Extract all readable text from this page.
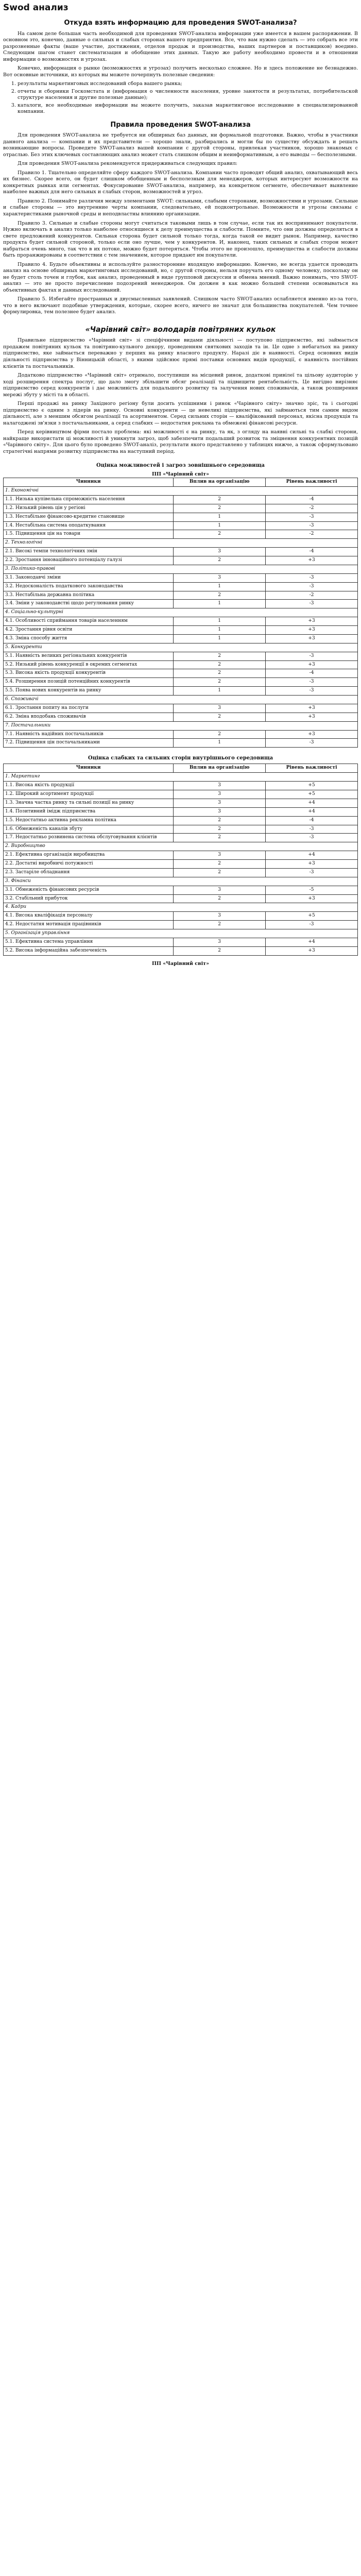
Swod анализ
Откуда взять информацию для проведения SWOT-анализа?

На самом деле большая часть необходимой для проведения SWOT-анализа информации уже имеется в вашем распоряжении. В основном это, конечно, данные о сильных и слабых сторонах вашего предприятия. Все, что вам нужно сделать — это собрать все эти разрозненные факты (ваше участие, достижения, отделов продаж и производства, ваших партнеров и поставщиков) воедино. Следующим шагом станет систематизация и обобщение этих данных. Такую же работу необходимо провести и в отношении информации о возможностях и угрозах.

Конечно, информация о рынке (возможностях и угрозах) получить несколько сложнее. Но и здесь положение не безнадежно. Вот основные источники, из которых вы можете почерпнуть полезные сведения:

1. результаты маркетинговых исследований сбора вашего рынка;
2. отчеты и сборники Госкомстата и (информация о численности населения, уровне занятости и результатах, потребительской структуре населения и другие полезные данные);
3. каталоги, все необходимые информации вы можете получить, заказав маркетинговое исследование в специализированной компании.
Правила проведения SWOT-анализа

Для проведения SWOT-анализа не требуется ни обширных баз данных, ни формальной подготовки. Важно, чтобы в участники данного анализа — компании и их представители — хорошо знали, разбирались и могли бы по существу обсуждать и решать возникающие вопросы. Проведите SWOT-анализ вашей компании с другой стороны, привлекая участников, хорошо знакомых с отраслью. Без этих ключевых составляющих анализ может стать слишком общим и неинформативным, а его выводы — бесполезными.

Для проведения SWOT-анализа рекомендуется придерживаться следующих правил:

Правило 1. Тщательно определяйте сферу каждого SWOT-анализа. Компании часто проводят общий анализ, охватывающий весь их бизнес. Скорее всего, он будет слишком обобщенным и бесполезным для менеджеров, которых интересуют возможности на конкретных рынках или сегментах. Фокусирование SWOT-анализа, например, на конкретном сегменте, обеспечивает выявление наиболее важных для него сильных и слабых сторон, возможностей и угроз.

Правило 2. Понимайте различия между элементами SWOT: сильными, слабыми сторонами, возможностями и угрозами. Сильные и слабые стороны — это внутренние черты компании, следовательно, ей подконтрольные. Возможности и угрозы связаны с характеристиками рыночной среды и неподвластны влиянию организации.

Правило 3. Сильные и слабые стороны могут считаться таковыми лишь в том случае, если так их воспринимают покупатели. Нужно включать в анализ только наиболее относящиеся к делу преимущества и слабости. Помните, что они должны определяться в свете предложений конкурентов. Сильная сторона будет сильной только тогда, когда такой ее видит рынок. Например, качество продукта будет сильной стороной, только если оно лучше, чем у конкурентов. И, наконец, таких сильных и слабых сторон может набраться очень много, так что в их потоке, можно будет потеряться. Чтобы этого не произошло, преимущества и слабости должны быть проранжированы в соответствии с тем значением, которое придают им покупатели.

Правило 4. Будьте объективны и используйте разносторонние входящую информацию. Конечно, не всегда удается проводить анализ на основе обширных маркетинговых исследований, но, с другой стороны, нельзя поручать его одному человеку, поскольку он не будет столь точен и глубок, как анализ, проведенный в виде групповой дискуссии и обмена мнений. Важно понимать, что SWOT-анализ — это не просто перечисление подозрений менеджеров. Он должен в как можно большей степени основываться на объективных фактах и данных исследований.

Правило 5. Избегайте пространных и двусмысленных заявлений. Слишком часто SWOT-анализ ослабляется именно из-за того, что в него включают подобные утверждения, которые, скорее всего, ничего не значат для большинства покупателей. Чем точнее формулировка, тем полезнее будет анализ.

«Чарівний світ» володарів повітряних кульок

Правильне підприємство «Чарівний світ» зі спеціфічними видами діяльності — поступово підприємство, які займається продажем повітряних кульок та повітряно-кульного декору, проведенням святкових заходів та ін. Це одне з небагатьох на ринку підприємство, яке займається переважно у перших на ринку власного продукту. Наразі діє в наявності. Серед основних видів діяльності підприємства у Вінницькій області, з якими здійснює прямі поставки основних видів продукції, є наявність постійних клієнтів та постачальників.

Додатково підприємство «Чарівний світ» отримало, поступивши на місцевий ринок, додаткові привілеї та цільову аудиторію у ході розширення спектра послуг, що дало змогу збільшити обсяг реалізації та підвищити рентабельність. Це вигідно вирізняє підприємство серед конкурентів і дає можливість для подальшого розвитку та залучення нових споживачів, а також розширення мережі збуту у місті та в області.

Перші продажі на ринку Західного регіону були досить успішними і ринок «Чарівного світу» значно зріс, та і сьогодні підприємство є одним з лідерів на ринку. Основні конкуренти — це невеликі підприємства, які займаються тим самим видом діяльності, але з меншим обсягом реалізації та асортиментом. Серед сильних сторін — кваліфікований персонал, якісна продукція та налагоджені зв'язки з постачальниками, а серед слабких — недостатня реклама та обмежені фінансові ресурси.

Перед керівництвом фірми постало проблема: які можливості є на ринку, та як, з огляду на наявні сильні та слабкі сторони, найкраще використати ці можливості й уникнути загроз, щоб забезпечити подальший розвиток та зміцнення конкурентних позицій «Чарівного світу». Для цього було проведено SWOT-аналіз, результати якого представлено у таблицях нижче, а також сформульовано стратегічні напрями розвитку підприємства на наступний період.

Оцінка можливостей і загроз зовнішнього середовища
ПП «Чарівний світ»
Чинники	Вплив на організацію	Рівень важливості
1. Економічні		
1.1. Низька купівельна спроможність населення	2	-4
1.2. Низький рівень цін у регіоні	2	-2
1.3. Нестабільне фінансово-кредитне становище	1	-3
1.4. Нестабільна система оподаткування	1	-3
1.5. Підвищення цін на товари	2	-2
2. Технологічні		
2.1. Високі темпи технологічних змін	3	-4
2.2. Зростання інноваційного потенціалу галузі	2	+3
3. Політико-правові		
3.1. Законодавчі зміни	3	-3
3.2. Недосконалість податкового законодавства	1	-3
3.3. Нестабільна державна політика	2	-2
3.4. Зміни у законодавстві щодо регулювання ринку	1	-3
4. Соціально-культурні		
4.1. Особливості сприймання товарів населенням	1	+3
4.2. Зростання рівня освіти	1	+3
4.3. Зміна способу життя	1	+3
5. Конкуренти		
5.1. Наявність великих регіональних конкурентів	2	-3
5.2. Низький рівень конкуренції в окремих сегментах	2	+3
5.3. Висока якість продукції конкурентів	2	-4
5.4. Розширення позицій потенційних конкурентів	2	-3
5.5. Поява нових конкурентів на ринку	1	-3
6. Споживачі		
6.1. Зростання попиту на послуги	3	+3
6.2. Зміна вподобань споживачів	2	+3
7. Постачальники		
7.1. Наявність надійних постачальників	2	+3
7.2. Підвищення цін постачальниками	1	-3
Оцінка слабких та сильних сторін внутрішнього середовища
Чинники	Вплив на організацію	Рівень важливості
1. Маркетинг		
1.1. Висока якість продукції	3	+5
1.2. Широкий асортимент продукції	3	+5
1.3. Значна частка ринку та сильні позиції на ринку	3	+4
1.4. Позитивний імідж підприємства	3	+4
1.5. Недостатньо активна рекламна політика	2	-4
1.6. Обмеженість каналів збуту	2	-3
1.7. Недостатньо розвинена система обслуговування клієнтів	2	-3
2. Виробництво		
2.1. Ефективна організація виробництва	3	+4
2.2. Достатні виробничі потужності	2	+3
2.3. Застаріле обладнання	2	-3
3. Фінанси		
3.1. Обмеженість фінансових ресурсів	3	-5
3.2. Стабільний прибуток	2	+3
4. Кадри		
4.1. Висока кваліфікація персоналу	3	+5
4.2. Недостатня мотивація працівників	2	-3
5. Організація управління		
5.1. Ефективна система управління	3	+4
5.2. Висока інформаційна забезпеченість	2	+3
ПП «Чарівний світ»
